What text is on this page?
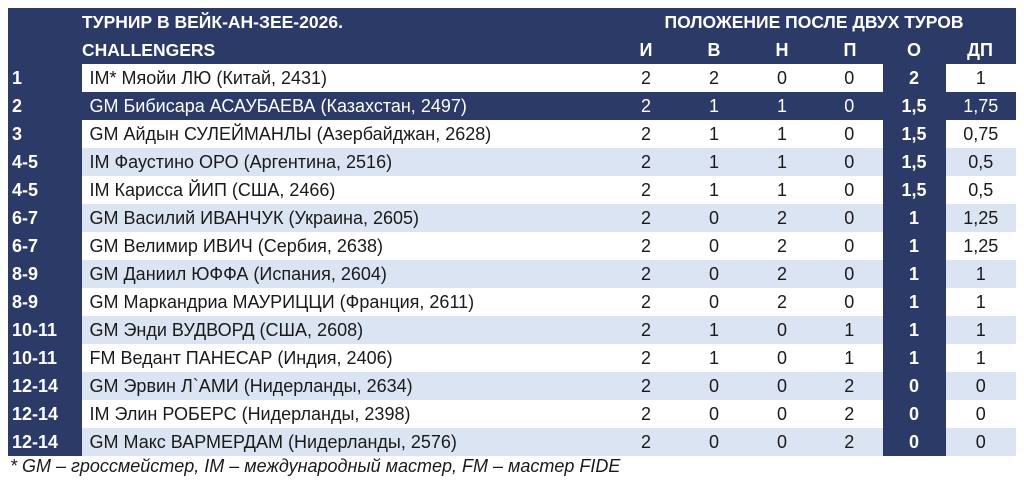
	ТУРНИР В ВЕЙК-АН-ЗЕЕ-2026.	ПОЛОЖЕНИЕ ПОСЛЕ ДВУХ ТУРОВ					
	CHALLENGERS	И	В	Н	П	О	ДП
1	IM* Мяойи ЛЮ (Китай, 2431)	2	2	0	0	2	1
2	GM Бибисара АСАУБАЕВА (Казахстан, 2497)	2	1	1	0	1,5	1,75
3	GM Айдын СУЛЕЙМАНЛЫ (Азербайджан, 2628)	2	1	1	0	1,5	0,75
4-5	IM Фаустино ОРО (Аргентина, 2516)	2	1	1	0	1,5	0,5
4-5	IM Карисса ЙИП (США, 2466)	2	1	1	0	1,5	0,5
6-7	GM Василий ИВАНЧУК (Украина, 2605)	2	0	2	0	1	1,25
6-7	GM Велимир ИВИЧ (Сербия, 2638)	2	0	2	0	1	1,25
8-9	GM Даниил ЮФФА (Испания, 2604)	2	0	2	0	1	1
8-9	GM Маркандриа МАУРИЦЦИ (Франция, 2611)	2	0	2	0	1	1
10-11	GM Энди ВУДВОРД (США, 2608)	2	1	0	1	1	1
10-11	FM Ведант ПАНЕСАР (Индия, 2406)	2	1	0	1	1	1
12-14	GM Эрвин Л`АМИ (Нидерланды, 2634)	2	0	0	2	0	0
12-14	IM Элин РОБЕРС (Нидерланды, 2398)	2	0	0	2	0	0
12-14	GM Макс ВАРМЕРДАМ (Нидерланды, 2576)	2	0	0	2	0	0
* GM – гроссмейстер, IM – международный мастер, FM – мастер FIDE
